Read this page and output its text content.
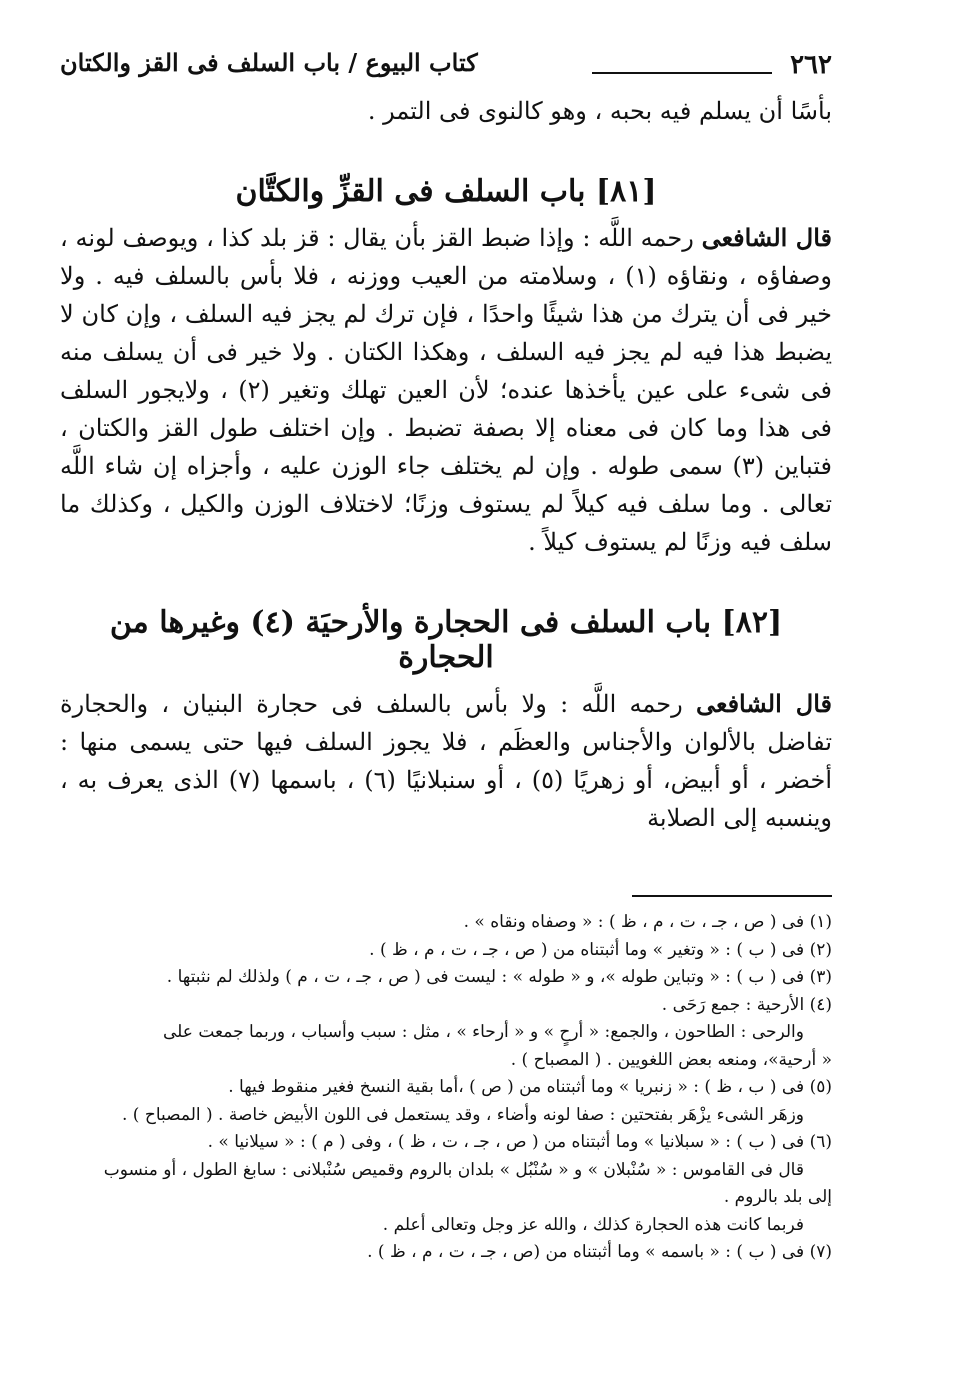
٢٦٢
كتاب البيوع / باب السلف فى القز والكتان
بأسًا أن يسلم فيه بحبه ، وهو كالنوى فى التمر .
[٨١] باب السلف فى القزِّ والكتَّان
قال الشافعى رحمه اللَّه : وإذا ضبط القز بأن يقال : قز بلد كذا ، ويوصف لونه ، وصفاؤه ، ونقاؤه (١) ، وسلامته من العيب ووزنه ، فلا بأس بالسلف فيه . ولا خير فى أن يترك من هذا شيئًا واحدًا ، فإن ترك لم يجز فيه السلف ، وإن كان لا يضبط هذا فيه لم يجز فيه السلف ، وهكذا الكتان . ولا خير فى أن يسلف منه فى شىء على عين يأخذها عنده؛ لأن العين تهلك وتغير (٢) ، ولايجور السلف فى هذا وما كان فى معناه إلا بصفة تضبط . وإن اختلف طول القز والكتان ، فتباين (٣) سمى طوله . وإن لم يختلف جاء الوزن عليه ، وأجزاه إن شاء اللَّه تعالى . وما سلف فيه كيلاً لم يستوف وزنًا؛ لاختلاف الوزن والكيل ، وكذلك ما سلف فيه وزنًا لم يستوف كيلاً .
[٨٢] باب السلف فى الحجارة والأرحيَة (٤) وغيرها من الحجارة
قال الشافعى رحمه اللَّه : ولا بأس بالسلف فى حجارة البنيان ، والحجارة تفاضل بالألوان والأجناس والعظَم ، فلا يجوز السلف فيها حتى يسمى منها : أخضر ، أو أبيض، أو زهريًا (٥) ، أو سنبلانيًا (٦) ، باسمها (٧) الذى يعرف به ، وينسبه إلى الصلابة
(١) فى ( ص ، جـ ، ت ، م ، ظ ) : « وصفاه ونقاه » .
(٢) فى ( ب ) : « وتغير » وما أثبتناه من ( ص ، جـ ، ت ، م ، ظ ) .
(٣) فى ( ب ) : « وتباين طوله »، و « طوله » : ليست فى ( ص ، جـ ، ت ، م ) ولذلك لم نثبتها .
(٤) الأرحية : جمع رَحَى .
والرحى : الطاحون ، والجمع: « أرحٍ » و « أرحاء » ، مثل : سبب وأسباب ، وربما جمعت على
« أرحية»، ومنعه بعض اللغويين . ( المصباح ) .
(٥) فى ( ب ، ظ ) : « زنبريا » وما أثبتناه من ( ص ) ،أما بقية النسخ فغير منقوط فيها .
وزهَر الشىء يزْهَر بفتحتين : صفا لونه وأضاء ، وقد يستعمل فى اللون الأبيض خاصة . ( المصباح ) .
(٦) فى ( ب ) : « سبلانيا » وما أثبتناه من ( ص ، جـ ، ت ، ظ ) ، وفى ( م ) : « سيلانيا » .
قال فى القاموس : « سُنْبلان » و « سُنْبُل » بلدان بالروم وقميص سُنْبلانى : سابغ الطول ، أو منسوب
إلى بلد بالروم .
فربما كانت هذه الحجارة كذلك ، والله عز وجل وتعالى أعلم .
(٧) فى ( ب ) : « باسمه » وما أثبتناه من (ص ، جـ ، ت ، م ، ظ ) .
